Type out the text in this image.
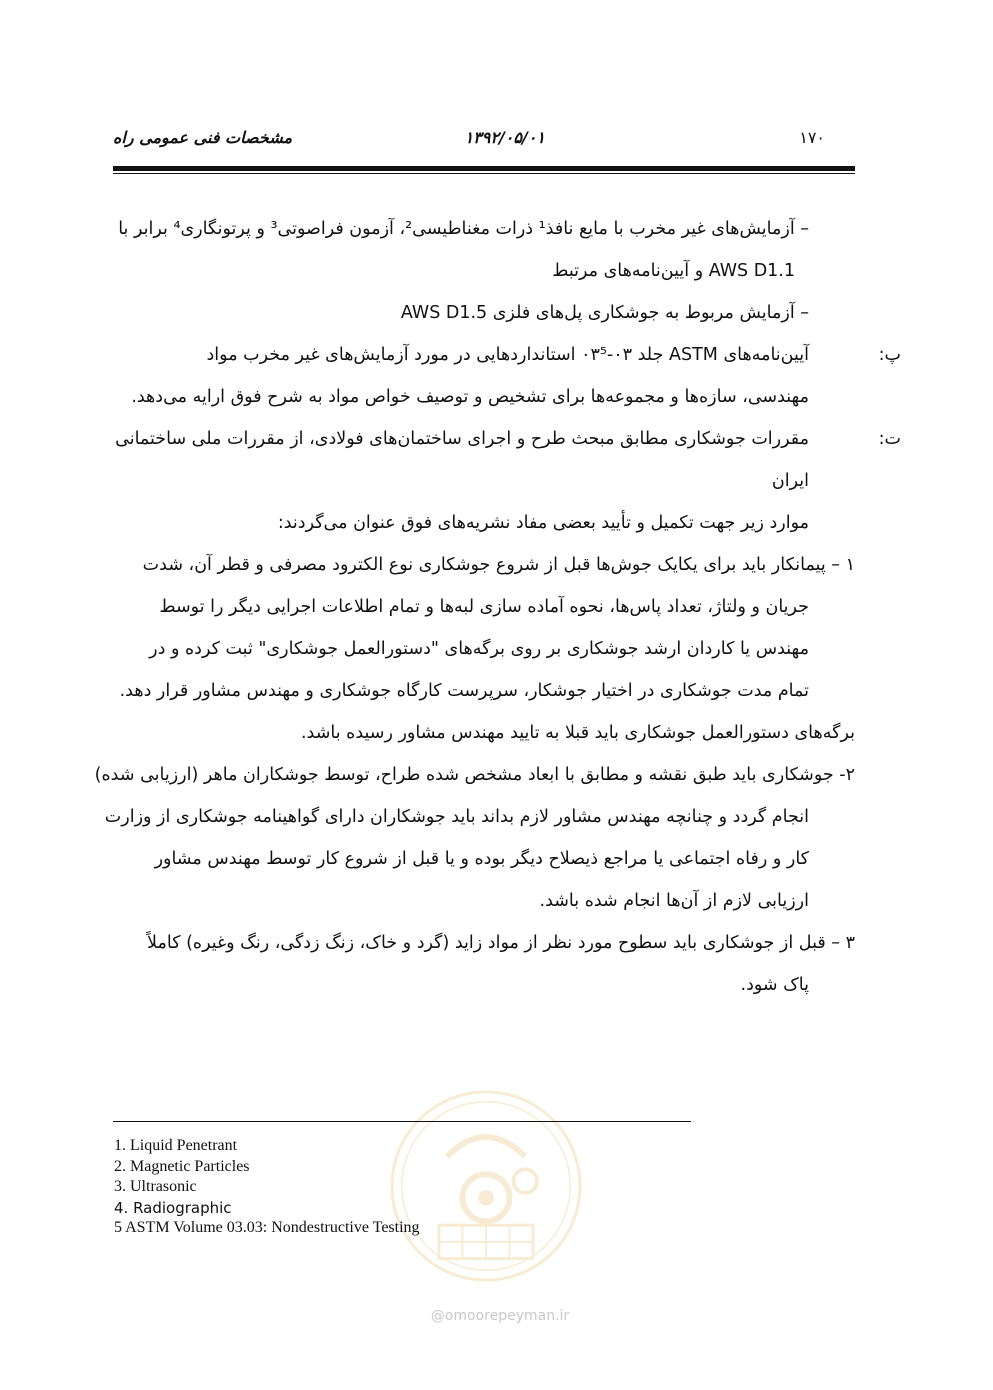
۱۷۰
۱۳۹۲/۰۵/۰۱
مشخصات فنی عمومی راه
– آزمایش‌های غیر مخرب با مایع نافذ¹ ذرات مغناطیسی²، آزمون فراصوتی³ و پرتونگاری⁴ برابر با
AWS D1.1 و آیین‌نامه‌های مرتبط
– آزمایش مربوط به جوشکاری پل‌های فلزی AWS D1.5
پ:آیین‌نامه‌های ASTM جلد ۰۳-۰۳⁵ استانداردهایی در مورد آزمایش‌های غیر مخرب مواد
مهندسی، سازه‌ها و مجموعه‌ها برای تشخیص و توصیف خواص مواد به شرح فوق ارایه می‌دهد.
ت:مقررات جوشکاری مطابق مبحث طرح و اجرای ساختمان‌های فولادی، از مقررات ملی ساختمانی
ایران
موارد زیر جهت تکمیل و تأیید بعضی مفاد نشریه‌های فوق عنوان می‌گردند:
۱ – پیمانکار باید برای یکایک جوش‌ها قبل از شروع جوشکاری نوع الکترود مصرفی و قطر آن، شدت
جریان و ولتاژ، تعداد پاس‌ها، نحوه آماده سازی لبه‌ها و تمام اطلاعات اجرایی دیگر را توسط
مهندس یا کاردان ارشد جوشکاری بر روی برگه‌های "دستورالعمل جوشکاری" ثبت کرده و در
تمام مدت جوشکاری در اختیار جوشکار، سرپرست کارگاه جوشکاری و مهندس مشاور قرار دهد.
برگه‌های دستورالعمل جوشکاری باید قبلا به تایید مهندس مشاور رسیده باشد.
۲- جوشکاری باید طبق نقشه و مطابق با ابعاد مشخص شده طراح، توسط جوشکاران ماهر (ارزیابی شده)
انجام گردد و چنانچه مهندس مشاور لازم بداند باید جوشکاران دارای گواهینامه جوشکاری از وزارت
کار و رفاه اجتماعی یا مراجع ذیصلاح دیگر بوده و یا قبل از شروع کار توسط مهندس مشاور
ارزیابی لازم از آن‌ها انجام شده باشد.
۳ – قبل از جوشکاری باید سطوح مورد نظر از مواد زاید (گرد و خاک، زنگ زدگی، رنگ وغیره) کاملاً
پاک شود.
@omoorepeyman.ir
1. Liquid Penetrant
2. Magnetic Particles
3. Ultrasonic
4. Radiographic
5 ASTM Volume 03.03: Nondestructive Testing
